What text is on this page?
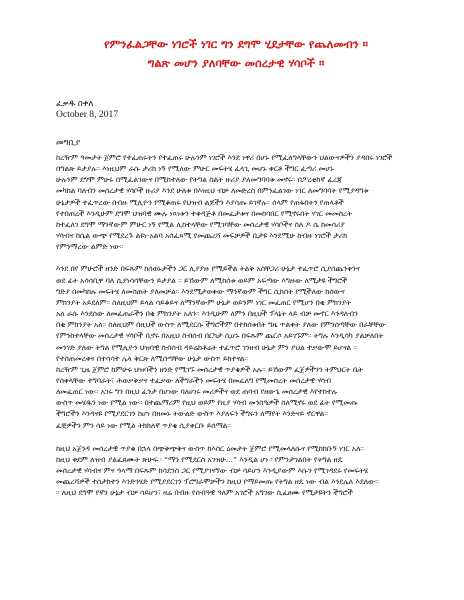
የምንፈልጋቸው ነገሮች ነገር ግን ደግሞ ሂደታቸው የጨለመብን ።
ግልጽ መሆን ያለባቸው መሰረታዊ ሃሳቦች ።
ፈቃዱ በቀለ
October 8, 2017
መግቢያ
ከረዥም ዓመታት ጀምሮ የተፈጠሩትን የተፈጠሩ ሁሉንም ነገሮች እንደ ነዋሪ በሆኑ የሚፈለግላቸውን ህልውናዎችን ያዳበሩ ነገሮች
በግልጽ ይታያሉ። እነዚህም ራሱ ታሪክ ነኝ የሚለው ምሁር መፍትሄ ፈላጊ መሆኑ ቀርቶ ችግር ፈጣሪ መሆኑ
ሁሉንም ደግሞ ምሁሩ በሚፈልገውና በሚከተለው የትግል ስልት ዙሪያ ያለመግባባቱ መኖሩ። በፖረቲከኛ ፈረጃ
መካከል ባለብን መሰረታዊ ሃሳቦች ዙሪያ እንደ ሁለቱ በእነዚህ ብቻ ለመድረስ በምንፈልገው ነገር ለመግባባት የሚያዳግቱ
ሁኔታዎች ተፈጥረው በብዙ ሚሊዮን የሚቆጠሩ የህዝብ ልጆችን እያሳጡ ይገኛሉ። ሰላም የጠፋበትን የጠላቶች
የተበጠረች እንዲሁም ደግሞ ህዝባዊ ሙሉ ነጻነቱን ተቀዳጅቶ በመፈታቱና በመከባበር የሚኖሩበት ሃገር መመስረት
ከተፈለገ ደግሞ ማንኛውም ምሁር ነኝ የሚል ሊከተላቸው የሚገባቸው መሰረታዊ ሃሳቦችና ስለ ዶ ሴ ከመሳሪያ
ሃሳብና ከሴል ውጭ የሚደረጉ ልዩነ-አልባ አስፈጻሚ የመጨረሻ መፍቻዎች ቢታዩ እንደሚሁ ከብዙ ነገሮች ታሪክ
የምንማረው ልምድ ነው።
እንደ በየ ምሁሮች ዘንድ በፍጹም ከሰወኑታችን ጋር ሊያያዙ የሚይችል ትልቅ አስቸጋሪ ሁኔታ ተፈጥሮ ሲያሰጨንቀንና
ወደ ፊት አሳሳቢዋ ባለ ሲያነሳሳቸውን ይታያል ። ይኸውም ለሚከሰቱ ወይም አፍጣው እግዙው ለሚታዩ ችግሮች
ግድያ በመካከሉ መፍትሄ ለመስጠት ያለመቻል። እንደሚታወቀው ማንኛውም ችግር ሲከሰት የሚችለው ከሰውና
ምክንያት አይደለም። ስለዚህም ይላል ሳይቆይና ለማንኛውም ሁኔታ ወይንም ነገር መፈጠር የሚሆን በቂ ምክንያት
አለ ራሱ እንደሰው ለመፈጠራችን በቂ ምክንያት አለን። እንዲሁም ለምን በዚህች ፕላኔት ላይ ብቻ መኖር እንዳለብን
በቂ ምክንያት አለ። ስለዚህም በዚህች ውስጥ ለሚደርሱ ችግሮችም በተከሰቱበት ግዜ ጥልቀት ያለው የምንሰጣቸው በራቸቸው
የምንከተላቸው መሰረታዊ ሃሳቦች ቢኖሩ በአዚህ ስብሰብ በርካታ ሲሆኑ በፍጹም ጨርሶ አይገኙም። ትግሉ እንዲሳካ ያልቻለበት
መንገድ ያለው ትግል የሚሊዮን ህዝባዊ ስብሰብ ዳይሬክቶሬት ተፈጥሮ ገንዘብ ሁኔታ ምን ያህል ተቃውሞ ይሆናል ።
የተስጠመረቀና በተሳሳተ ሌላ ቅርጽ ለሚሰጣቸው ሁኔታ ውስጥ ይከተናል።
ከረዥም ጊዜ ጀምሮ ከምሁሩ ህዝባችን ዘንድ የሚገኙ መሰረታዊ ጥያቄዎች አሉ። ይኸውም ፈጀዎችንን ትምህርት ቤት
የሰቀላቸው ተግባራት፣ ሕወቃቅቃና ተፈቃው ለችግራችን መፍትሄ በመፈለግ የሚመሰረት መሰረታዊ ሃሳብ
ለመፈጠር ነው። አገሩ ግን በዚህ ፈንታ በሆነው ባለሀገሩ መሪዎችና ወደ ጠባብ የዘውጌ መሰረታዊ እየተከተሉ
ውስጥ መሄዱን ነው የሚል ነው። በተጨማሪም የዚህ ወይም የዚያ ሃሳብ መንስዔዎች ስለሚኖሩ ወደ ፊት የሚመጡ
ችግሮችን እንዳናዩ የሚያደርገን ከሆነ በዘመኑ ትውልድ ውስጥ እያለፍን ችግሩን ለማየት እንድናይ ኖርዋል።
ፈቺዎችን ምን ሳይ ነው የሚል ትክክለኛ ጥያቄ ሲያቀርቡ ይሰማል።
ከዚህ አጀንዳ መሰረታዊ ጥያቄ በኋላ በጭቅጭቅና ውስጥ ከእስር ዕመታት ጀምሮ የሚመላለሱና የሚከክቡኝ ነገር አለ።
ከዚህ ቀደም ለዝብ ያልፈጸሙት ጽሁፍ ፡ “ማን የሚደርስ አገዝሁ…” እንዲል ሆነ ፡ የምንታገልበት የትግል ዘዴ
መሰረታዊ ሃሳብና ምና ዓላማ በፍጹም ከሳደንስ ጋር የሚያገናኘው ብቻ ሳይሆን እንዲያውም እሱን የሚገዳደሩ የመፍትሄ
መጨረሻዎች ተስታክተን እንድንሄድ የሚያደርገን ፕሮግራሞቻችን ከዚህ የማይመጡ የትግል ዘዴ ነው ብል እንደሌለ እደለው።
። ለዚህ ደግሞ የኛን ሁኔታ ብቻ ሳይሆን፣ ዛሬ በብዙ የሰብዓዊ ዓለም አገሮች አግገው ሲፈፀሙ የሚታዩትን ችግሮች
